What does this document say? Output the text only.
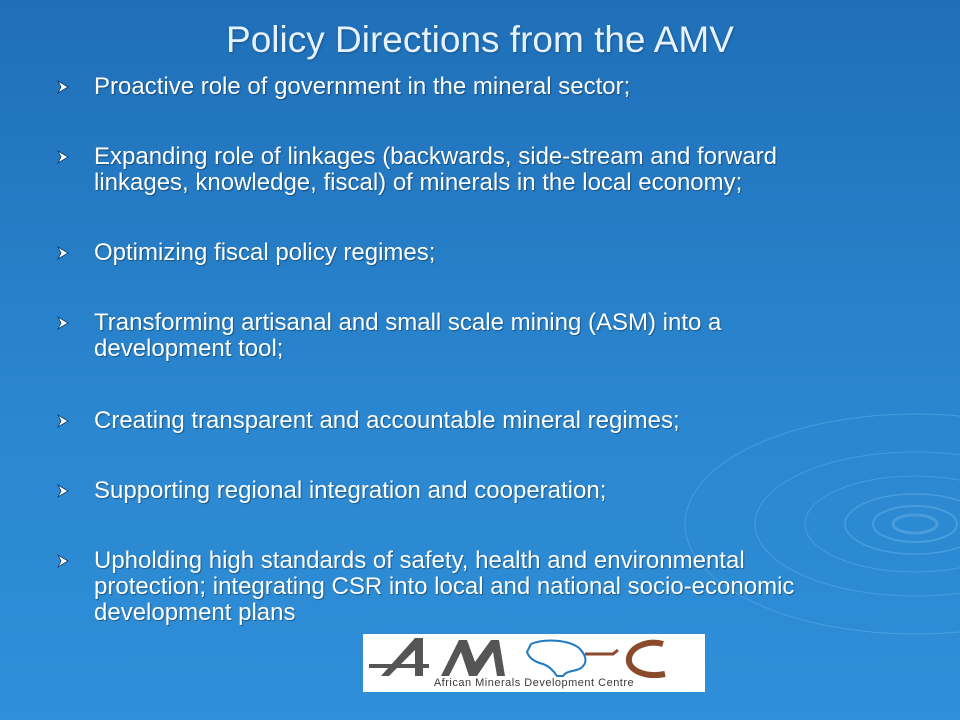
Policy Directions from the AMV
Proactive role of government in the mineral sector;
Expanding role of linkages (backwards, side-stream and forward
linkages, knowledge, fiscal) of minerals in the local economy;
Optimizing fiscal policy regimes;
Transforming artisanal and small scale mining (ASM) into a
development tool;
Creating transparent and accountable mineral regimes;
Supporting regional integration and cooperation;
Upholding high standards of safety, health and environmental
protection; integrating CSR into local and national socio-economic
development plans
African Minerals Development Centre
